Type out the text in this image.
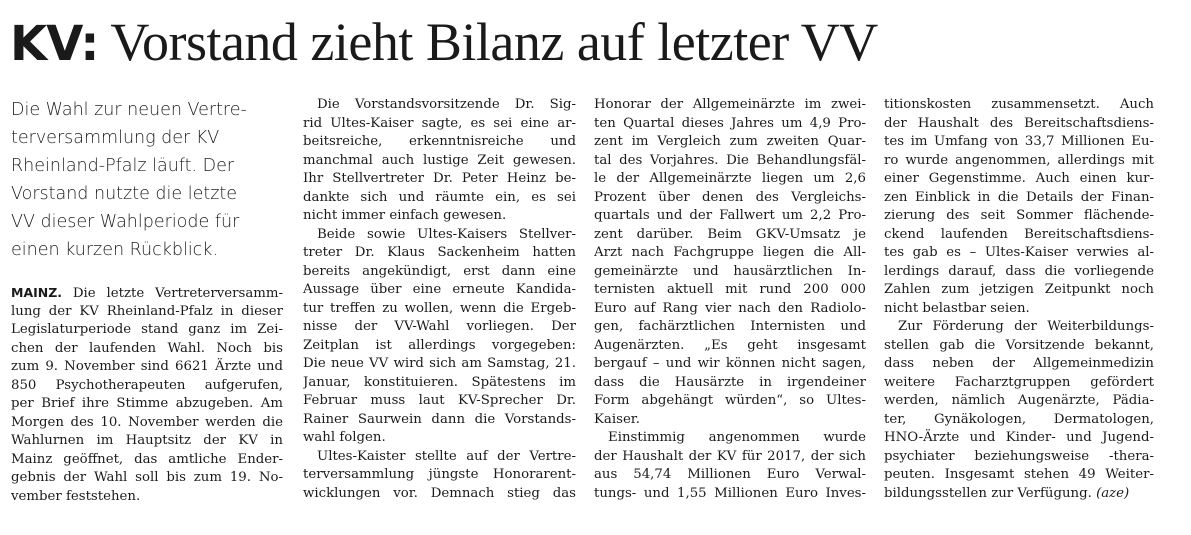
KV: Vorstand zieht Bilanz auf letzter VV
Die Wahl zur neuen Vertre-
terversammlung der KV
Rheinland-Pfalz läuft. Der
Vorstand nutzte die letzte
VV dieser Wahlperiode für
einen kurzen Rückblick.
MAINZ. Die letzte Vertreterversamm-
lung der KV Rheinland-Pfalz in dieser
Legislaturperiode stand ganz im Zei-
chen der laufenden Wahl. Noch bis
zum 9. November sind 6621 Ärzte und
850 Psychotherapeuten aufgerufen,
per Brief ihre Stimme abzugeben. Am
Morgen des 10. November werden die
Wahlurnen im Hauptsitz der KV in
Mainz geöffnet, das amtliche Ender-
gebnis der Wahl soll bis zum 19. No-
vember feststehen.
Die Vorstandsvorsitzende Dr. Sig-
rid Ultes-Kaiser sagte, es sei eine ar-
beitsreiche, erkenntnisreiche und
manchmal auch lustige Zeit gewesen.
Ihr Stellvertreter Dr. Peter Heinz be-
dankte sich und räumte ein, es sei
nicht immer einfach gewesen.
Beide sowie Ultes-Kaisers Stellver-
treter Dr. Klaus Sackenheim hatten
bereits angekündigt, erst dann eine
Aussage über eine erneute Kandida-
tur treffen zu wollen, wenn die Ergeb-
nisse der VV-Wahl vorliegen. Der
Zeitplan ist allerdings vorgegeben:
Die neue VV wird sich am Samstag, 21.
Januar, konstituieren. Spätestens im
Februar muss laut KV-Sprecher Dr.
Rainer Saurwein dann die Vorstands-
wahl folgen.
Ultes-Kaister stellte auf der Vertre-
terversammlung jüngste Honorarent-
wicklungen vor. Demnach stieg das
Honorar der Allgemeinärzte im zwei-
ten Quartal dieses Jahres um 4,9 Pro-
zent im Vergleich zum zweiten Quar-
tal des Vorjahres. Die Behandlungsfäl-
le der Allgemeinärzte liegen um 2,6
Prozent über denen des Vergleichs-
quartals und der Fallwert um 2,2 Pro-
zent darüber. Beim GKV-Umsatz je
Arzt nach Fachgruppe liegen die All-
gemeinärzte und hausärztlichen In-
ternisten aktuell mit rund 200 000
Euro auf Rang vier nach den Radiolo-
gen, fachärztlichen Internisten und
Augenärzten. „Es geht insgesamt
bergauf – und wir können nicht sagen,
dass die Hausärzte in irgendeiner
Form abgehängt würden“, so Ultes-
Kaiser.
Einstimmig angenommen wurde
der Haushalt der KV für 2017, der sich
aus 54,74 Millionen Euro Verwal-
tungs- und 1,55 Millionen Euro Inves-
titionskosten zusammensetzt. Auch
der Haushalt des Bereitschaftsdiens-
tes im Umfang von 33,7 Millionen Eu-
ro wurde angenommen, allerdings mit
einer Gegenstimme. Auch einen kur-
zen Einblick in die Details der Finan-
zierung des seit Sommer flächende-
ckend laufenden Bereitschaftsdiens-
tes gab es – Ultes-Kaiser verwies al-
lerdings darauf, dass die vorliegende
Zahlen zum jetzigen Zeitpunkt noch
nicht belastbar seien.
Zur Förderung der Weiterbildungs-
stellen gab die Vorsitzende bekannt,
dass neben der Allgemeinmedizin
weitere Facharztgruppen gefördert
werden, nämlich Augenärzte, Pädia-
ter, Gynäkologen, Dermatologen,
HNO-Ärzte und Kinder- und Jugend-
psychiater beziehungsweise -thera-
peuten. Insgesamt stehen 49 Weiter-
bildungsstellen zur Verfügung. (aze)
